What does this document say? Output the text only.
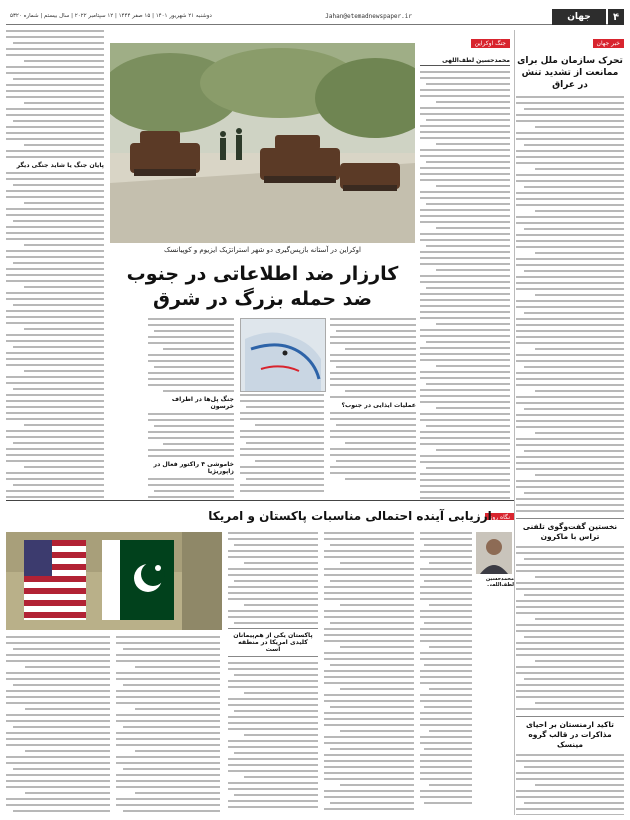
۴
جهان
Jahan@etemadnewspaper.ir
دوشنبه ۲۱ شهریور ۱۴۰۱ | ۱۵ صفر ۱۴۴۴ | ۱۲ سپتامبر ۲۰۲۲ | سال بیستم | شماره ۵۳۲۰
خبر جهان
تحرک سازمان ملل برای ممانعت از تشدید تنش در عراق
نخستین گفت‌وگوی تلفنی تراس با ماکرون
تاکید ارمنستان بر احیای مذاکرات در قالب گروه مینسک
جنگ اوکراین
محمدحسین لطف‌اللهی
اوکراین در آستانه بازپس‌گیری دو شهر استراتژیک ایزیوم و کوپیانسک
کارزار ضد اطلاعاتی در جنوب
ضد حمله بزرگ در شرق
عملیات ایذایی در جنوب؟
جنگ پل‌ها در اطراف خرسون
خاموشی ۴ راکتور فعال در زاپوریژیا
پایان جنگ یا شاید جنگی دیگر
نگاه روز
ارزیابی آینده احتمالی مناسبات پاکستان و امریکا
محمدحسین لطف‌اللهی
پاکستان یکی از هم‌پیمانان کلیدی امریکا در منطقه است
